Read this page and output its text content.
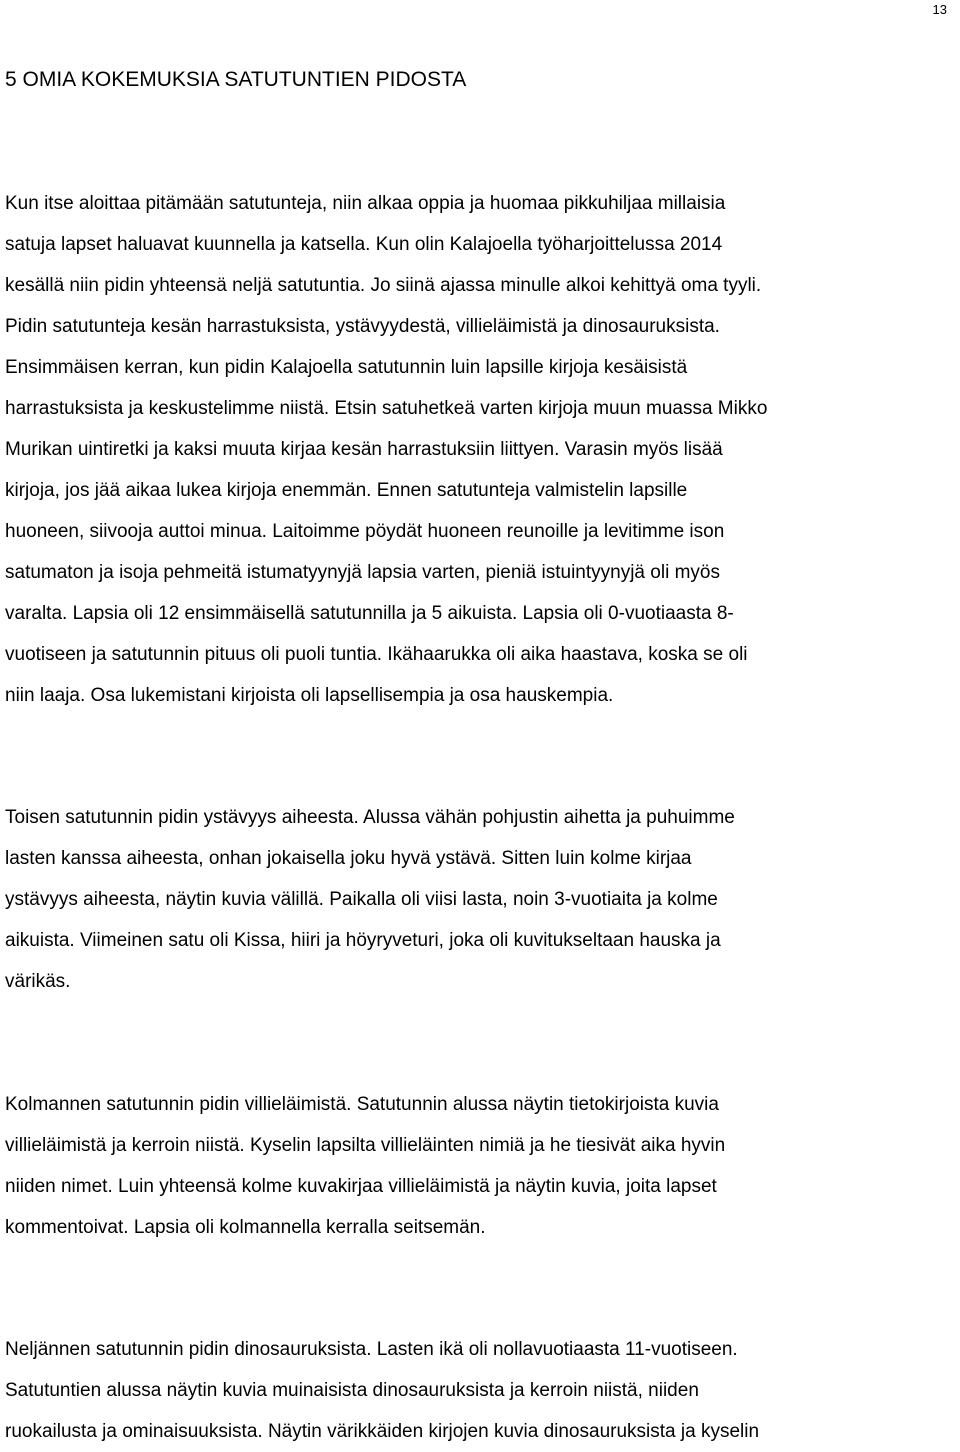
13
5 OMIA KOKEMUKSIA SATUTUNTIEN PIDOSTA
Kun itse aloittaa pitämään satutunteja, niin alkaa oppia ja huomaa pikkuhiljaa millaisia
satuja lapset haluavat kuunnella ja katsella. Kun olin Kalajoella työharjoittelussa 2014
kesällä niin pidin yhteensä neljä satutuntia. Jo siinä ajassa minulle alkoi kehittyä oma tyyli.
Pidin satutunteja kesän harrastuksista, ystävyydestä, villieläimistä ja dinosauruksista.
Ensimmäisen kerran, kun pidin Kalajoella satutunnin luin lapsille kirjoja kesäisistä
harrastuksista ja keskustelimme niistä. Etsin satuhetkeä varten kirjoja muun muassa Mikko
Murikan uintiretki ja kaksi muuta kirjaa kesän harrastuksiin liittyen. Varasin myös lisää
kirjoja, jos jää aikaa lukea kirjoja enemmän. Ennen satutunteja valmistelin lapsille
huoneen, siivooja auttoi minua. Laitoimme pöydät huoneen reunoille ja levitimme ison
satumaton ja isoja pehmeitä istumatyynyjä lapsia varten, pieniä istuintyynyjä oli myös
varalta. Lapsia oli 12 ensimmäisellä satutunnilla ja 5 aikuista. Lapsia oli 0-vuotiaasta 8-
vuotiseen ja satutunnin pituus oli puoli tuntia. Ikähaarukka oli aika haastava, koska se oli
niin laaja. Osa lukemistani kirjoista oli lapsellisempia ja osa hauskempia.
Toisen satutunnin pidin ystävyys aiheesta. Alussa vähän pohjustin aihetta ja puhuimme
lasten kanssa aiheesta, onhan jokaisella joku hyvä ystävä. Sitten luin kolme kirjaa
ystävyys aiheesta, näytin kuvia välillä. Paikalla oli viisi lasta, noin 3-vuotiaita ja kolme
aikuista. Viimeinen satu oli Kissa, hiiri ja höyryveturi, joka oli kuvitukseltaan hauska ja
värikäs.
Kolmannen satutunnin pidin villieläimistä. Satutunnin alussa näytin tietokirjoista kuvia
villieläimistä ja kerroin niistä. Kyselin lapsilta villieläinten nimiä ja he tiesivät aika hyvin
niiden nimet. Luin yhteensä kolme kuvakirjaa villieläimistä ja näytin kuvia, joita lapset
kommentoivat. Lapsia oli kolmannella kerralla seitsemän.
Neljännen satutunnin pidin dinosauruksista. Lasten ikä oli nollavuotiaasta 11-vuotiseen.
Satutuntien alussa näytin kuvia muinaisista dinosauruksista ja kerroin niistä, niiden
ruokailusta ja ominaisuuksista. Näytin värikkäiden kirjojen kuvia dinosauruksista ja kyselin
